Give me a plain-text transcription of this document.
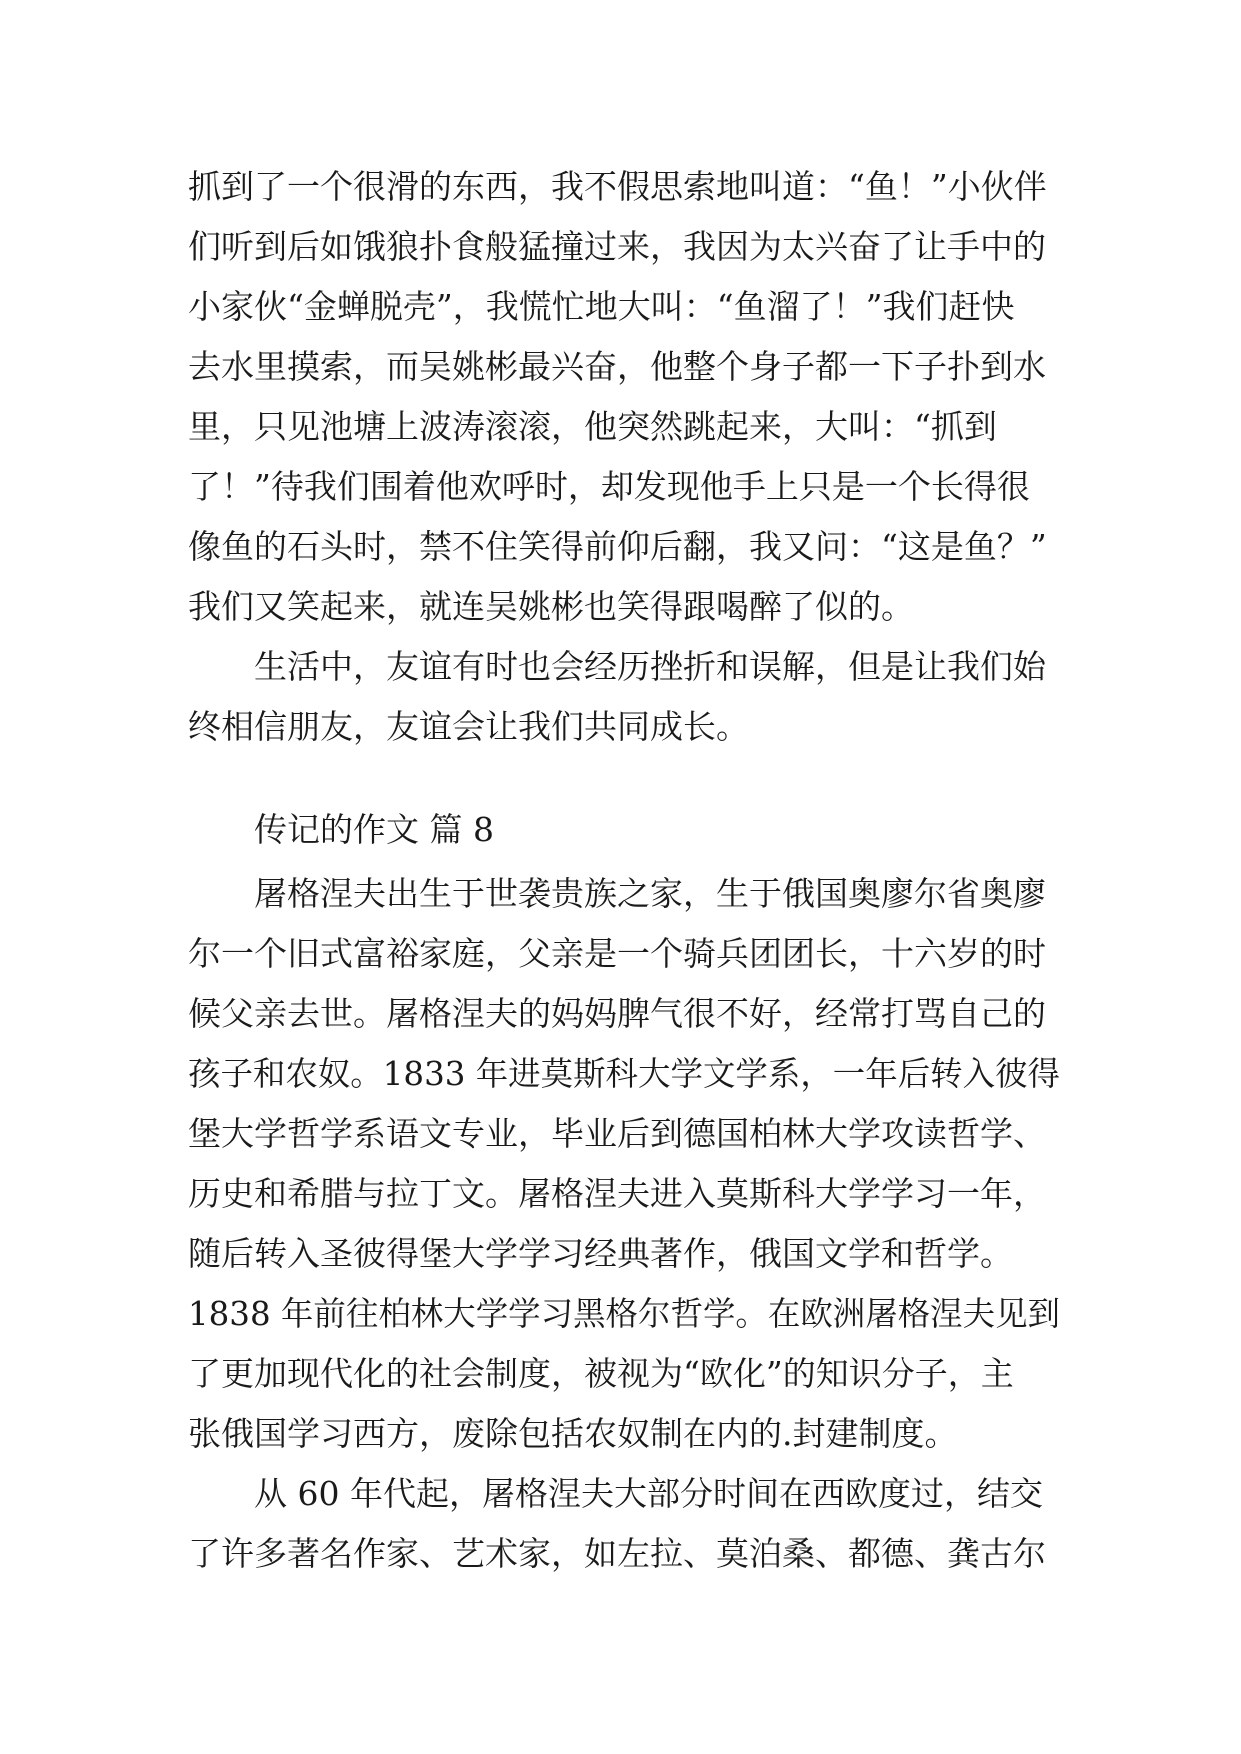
抓到了一个很滑的东西，我不假思索地叫道：“鱼！”小伙伴
们听到后如饿狼扑食般猛撞过来，我因为太兴奋了让手中的
小家伙“金蝉脱壳”，我慌忙地大叫：“鱼溜了！”我们赶快
去水里摸索，而吴姚彬最兴奋，他整个身子都一下子扑到水
里，只见池塘上波涛滚滚，他突然跳起来，大叫：“抓到
了！”待我们围着他欢呼时，却发现他手上只是一个长得很
像鱼的石头时，禁不住笑得前仰后翻，我又问：“这是鱼？”
我们又笑起来，就连吴姚彬也笑得跟喝醉了似的。
生活中，友谊有时也会经历挫折和误解，但是让我们始
终相信朋友，友谊会让我们共同成长。
传记的作文 篇 8
屠格涅夫出生于世袭贵族之家，生于俄国奥廖尔省奥廖
尔一个旧式富裕家庭，父亲是一个骑兵团团长，十六岁的时
候父亲去世。屠格涅夫的妈妈脾气很不好，经常打骂自己的
孩子和农奴。1833 年进莫斯科大学文学系，一年后转入彼得
堡大学哲学系语文专业，毕业后到德国柏林大学攻读哲学、
历史和希腊与拉丁文。屠格涅夫进入莫斯科大学学习一年，
随后转入圣彼得堡大学学习经典著作，俄国文学和哲学。
1838 年前往柏林大学学习黑格尔哲学。在欧洲屠格涅夫见到
了更加现代化的社会制度，被视为“欧化”的知识分子，主
张俄国学习西方，废除包括农奴制在内的.封建制度。
从 60 年代起，屠格涅夫大部分时间在西欧度过，结交
了许多著名作家、艺术家，如左拉、莫泊桑、都德、龚古尔
